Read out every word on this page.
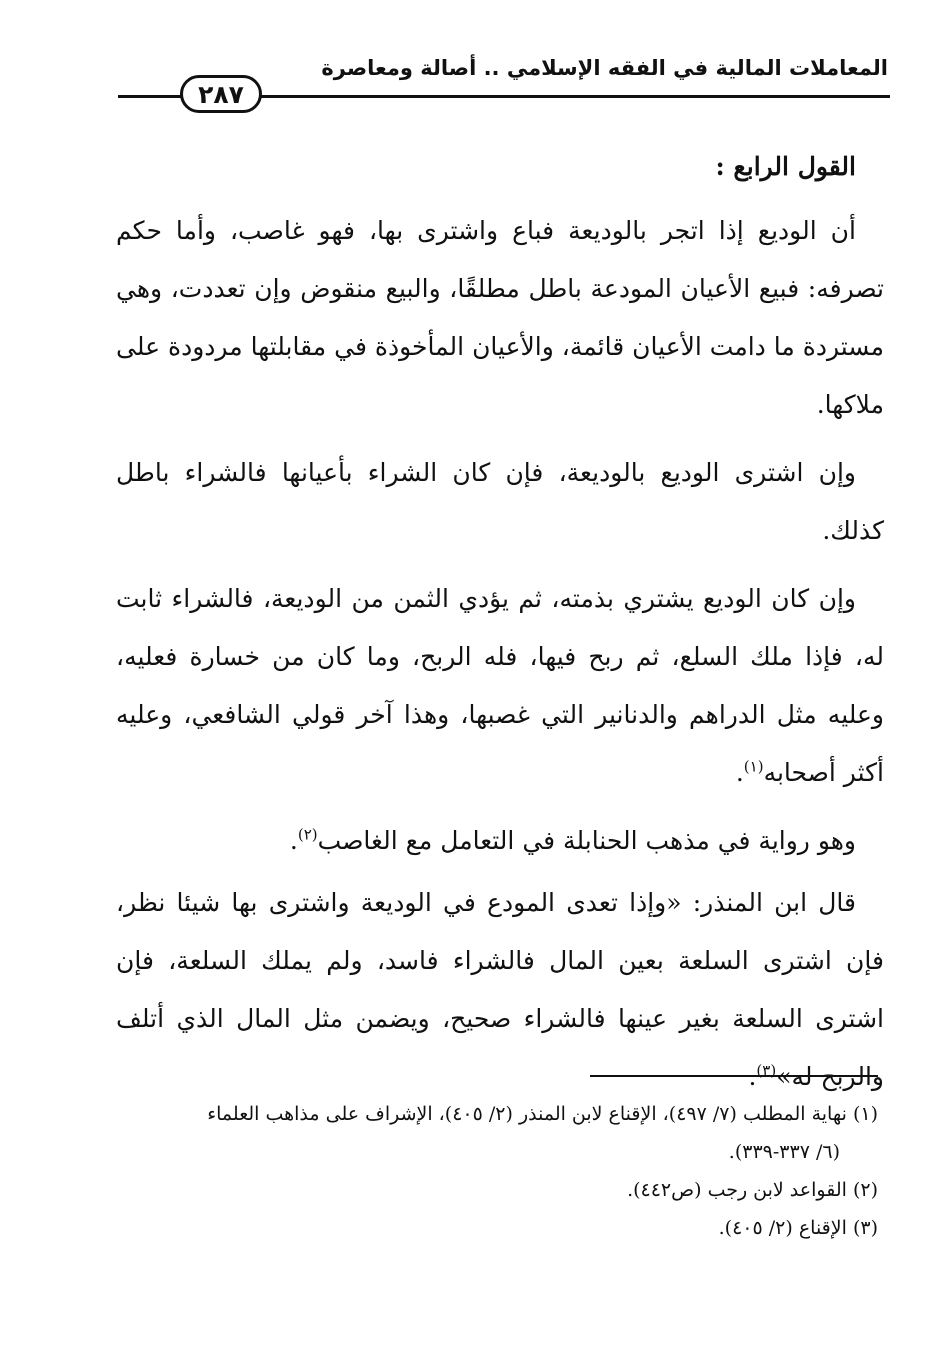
المعاملات المالية في الفقه الإسلامي .. أصالة ومعاصرة
٢٨٧

القول الرابع :

أن الوديع إذا اتجر بالوديعة فباع واشترى بها، فهو غاصب، وأما حكم تصرفه: فبيع الأعيان المودعة باطل مطلقًا، والبيع منقوض وإن تعددت، وهي مستردة ما دامت الأعيان قائمة، والأعيان المأخوذة في مقابلتها مردودة على ملاكها.

وإن اشترى الوديع بالوديعة، فإن كان الشراء بأعيانها فالشراء باطل كذلك.

وإن كان الوديع يشتري بذمته، ثم يؤدي الثمن من الوديعة، فالشراء ثابت له، فإذا ملك السلع، ثم ربح فيها، فله الربح، وما كان من خسارة فعليه، وعليه مثل الدراهم والدنانير التي غصبها، وهذا آخر قولي الشافعي، وعليه أكثر أصحابه$^{(١)}$.

وهو رواية في مذهب الحنابلة في التعامل مع الغاصب$^{(٢)}$.

قال ابن المنذر: «وإذا تعدى المودع في الوديعة واشترى بها شيئا نظر، فإن اشترى السلعة بعين المال فالشراء فاسد، ولم يملك السلعة، فإن اشترى السلعة بغير عينها فالشراء صحيح، ويضمن مثل المال الذي أتلف والربح له»$^{(٣)}$.

(١) نهاية المطلب (٧/ ٤٩٧)، الإقناع لابن المنذر (٢/ ٤٠٥)، الإشراف على مذاهب العلماء

(٦/ ٣٣٧-٣٣٩).

(٢) القواعد لابن رجب (ص٤٤٢).

(٣) الإقناع (٢/ ٤٠٥).
